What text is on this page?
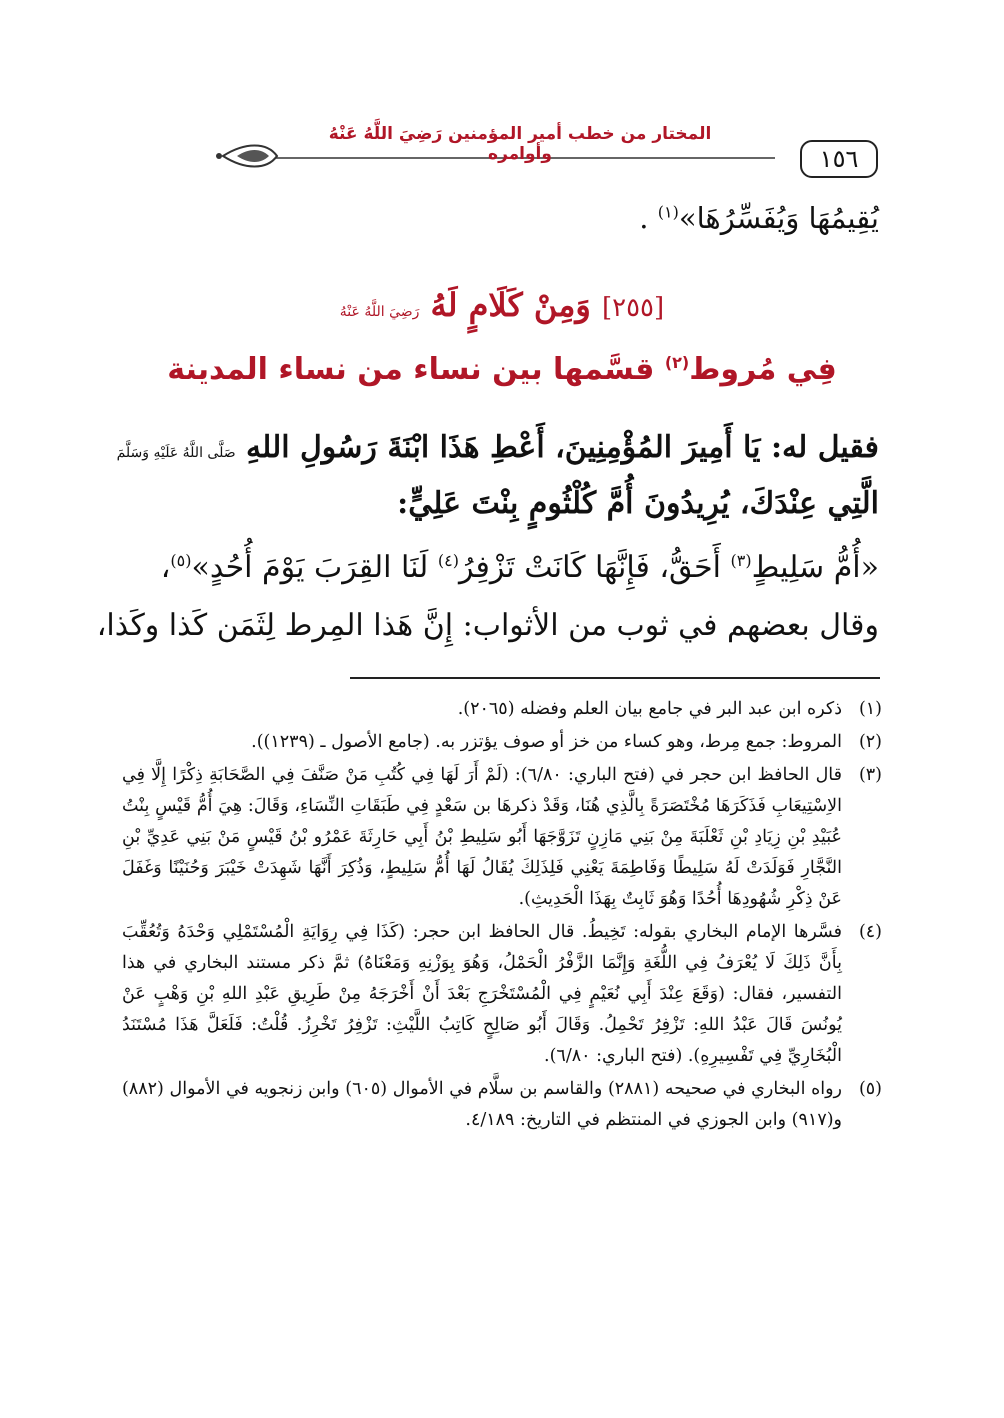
١٥٦
المختار من خطب أمير المؤمنين رَضِيَ اللَّهُ عَنْهُ وأوامره
يُقِيمُهَا وَيُفَسِّرُهَا»$^{(١)}$ .
[٢٥٥] وَمِنْ كَلَامٍ لَهُ رَضِيَ اللَّهُ عَنْهُ
فِي مُروط$^{(٢)}$ قسَّمها بين نساء من نساء المدينة
فقيل له: يَا أَمِيرَ المُؤْمِنِينَ، أَعْطِ هَذَا ابْنَةَ رَسُولِ اللهِ صَلَّى اللَّهُ عَلَيْهِ وَسَلَّمَ
الَّتِي عِنْدَكَ، يُرِيدُونَ أُمَّ كُلْثُومٍ بِنْتَ عَلِيٍّ:
«أُمُّ سَلِيطٍ$^{(٣)}$ أَحَقُّ، فَإِنَّهَا كَانَتْ تَزْفِرُ$^{(٤)}$ لَنَا القِرَبَ يَوْمَ أُحُدٍ»$^{(٥)}$،
وقال بعضهم في ثوب من الأثواب: إِنَّ هَذا المِرط لِثَمَن كَذا وكَذا،
(١)
ذكره ابن عبد البر في جامع بيان العلم وفضله (٢٠٦٥).
(٢)
المروط: جمع مِرط، وهو كساء من خز أو صوف يؤتزر به. (جامع الأصول ـ (١٢٣٩)).
(٣)
قال الحافظ ابن حجر في (فتح الباري: ٦/٨٠): (لَمْ أَرَ لَهَا فِي كُتُبِ مَنْ صَنَّفَ فِي الصَّحَابَةِ ذِكْرًا إِلَّا فِي الاِسْتِيعَابِ فَذَكَرَهَا مُخْتَصَرَةً بِالَّذِي هُنَا، وَقَدْ ذكرهَا بن سَعْدٍ فِي طَبَقَاتِ النِّسَاءِ، وَقَالَ: هِيَ أُمُّ قَيْسٍ بِنْتُ عُبَيْدِ بْنِ زِيَادِ بْنِ ثَعْلَبَةَ مِنْ بَنِي مَازِنٍ تَزَوَّجَهَا أَبُو سَلِيطِ بْنُ أَبِي حَارِثَةَ عَمْرُو بْنُ قَيْسٍ مَنْ بَنِي عَدِيِّ بْنِ النَّجَّارِ فَوَلَدَتْ لَهُ سَلِيطًا وَفَاطِمَةَ يَعْنِي فَلِذَلِكَ يُقَالُ لَهَا أُمُّ سَلِيطٍ، وَذُكِرَ أَنَّهَا شَهِدَتْ خَيْبَرَ وَحُنَيْنًا وَغَفَلَ عَنْ ذِكْرِ شُهُودِهَا أُحُدًا وَهُوَ ثَابِتٌ بِهَذَا الْحَدِيثِ).
(٤)
فسَّرها الإمام البخاري بقوله: تَخِيطُ. قال الحافظ ابن حجر: (كَذَا فِي رِوَايَةِ الْمُسْتَمْلِي وَحْدَهُ وَتُعُقِّبَ بِأَنَّ ذَلِكَ لَا يُعْرَفُ فِي اللُّغَةِ وَإِنَّمَا الزَّفْرُ الْحَمْلُ، وَهُوَ بِوَزْنِهِ وَمَعْنَاهُ) ثمَّ ذكر مستند البخاري في هذا التفسير، فقال: (وَقَعَ عِنْدَ أَبِي نُعَيْمٍ فِي الْمُسْتَخْرَجِ بَعْدَ أَنْ أَخْرَجَهُ مِنْ طَرِيقِ عَبْدِ اللهِ بْنِ وَهْبٍ عَنْ يُونُسَ قَالَ عَبْدُ اللهِ: تَزْفِرُ تَحْمِلُ. وَقَالَ أَبُو صَالِحٍ كَاتِبُ اللَّيْثِ: تَزْفِرُ تَخْرِزُ. قُلْتُ: فَلَعَلَّ هَذَا مُسْتَنَدُ الْبُخَارِيِّ فِي تَفْسِيرِهِ). (فتح الباري: ٦/٨٠).
(٥)
رواه البخاري في صحيحه (٢٨٨١) والقاسم بن سلَّام في الأموال (٦٠٥) وابن زنجويه في الأموال (٨٨٢) و(٩١٧) وابن الجوزي في المنتظم في التاريخ: ٤/١٨٩.
